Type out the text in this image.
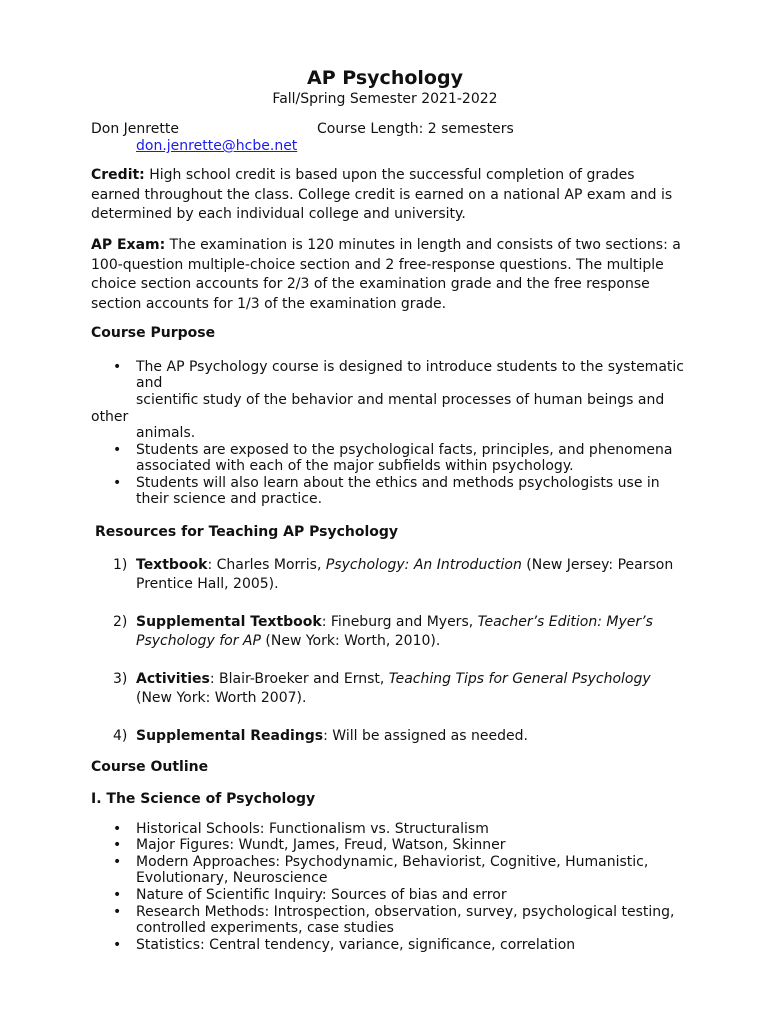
AP Psychology
Fall/Spring Semester 2021-2022
Don Jenrette	Course Length: 2 semesters
don.jenrette@hcbe.net
Credit: High school credit is based upon the successful completion of grades
earned throughout the class. College credit is earned on a national AP exam and is
determined by each individual college and university.
AP Exam: The examination is 120 minutes in length and consists of two sections: a
100-question multiple-choice section and 2 free-response questions. The multiple
choice section accounts for 2/3 of the examination grade and the free response
section accounts for 1/3 of the examination grade.
Course Purpose
• The AP Psychology course is designed to introduce students to the systematic
and
scientific study of the behavior and mental processes of human beings and
other
animals.
• Students are exposed to the psychological facts, principles, and phenomena
associated with each of the major subfields within psychology.
• Students will also learn about the ethics and methods psychologists use in
their science and practice.
Resources for Teaching AP Psychology
1) Textbook: Charles Morris, Psychology: An Introduction (New Jersey: Pearson
Prentice Hall, 2005).
2) Supplemental Textbook: Fineburg and Myers, Teacher’s Edition: Myer’s
Psychology for AP (New York: Worth, 2010).
3) Activities: Blair-Broeker and Ernst, Teaching Tips for General Psychology
(New York: Worth 2007).
4) Supplemental Readings: Will be assigned as needed.
Course Outline
I. The Science of Psychology
• Historical Schools: Functionalism vs. Structuralism
• Major Figures: Wundt, James, Freud, Watson, Skinner
• Modern Approaches: Psychodynamic, Behaviorist, Cognitive, Humanistic,
Evolutionary, Neuroscience
• Nature of Scientific Inquiry: Sources of bias and error
• Research Methods: Introspection, observation, survey, psychological testing,
controlled experiments, case studies
• Statistics: Central tendency, variance, significance, correlation
